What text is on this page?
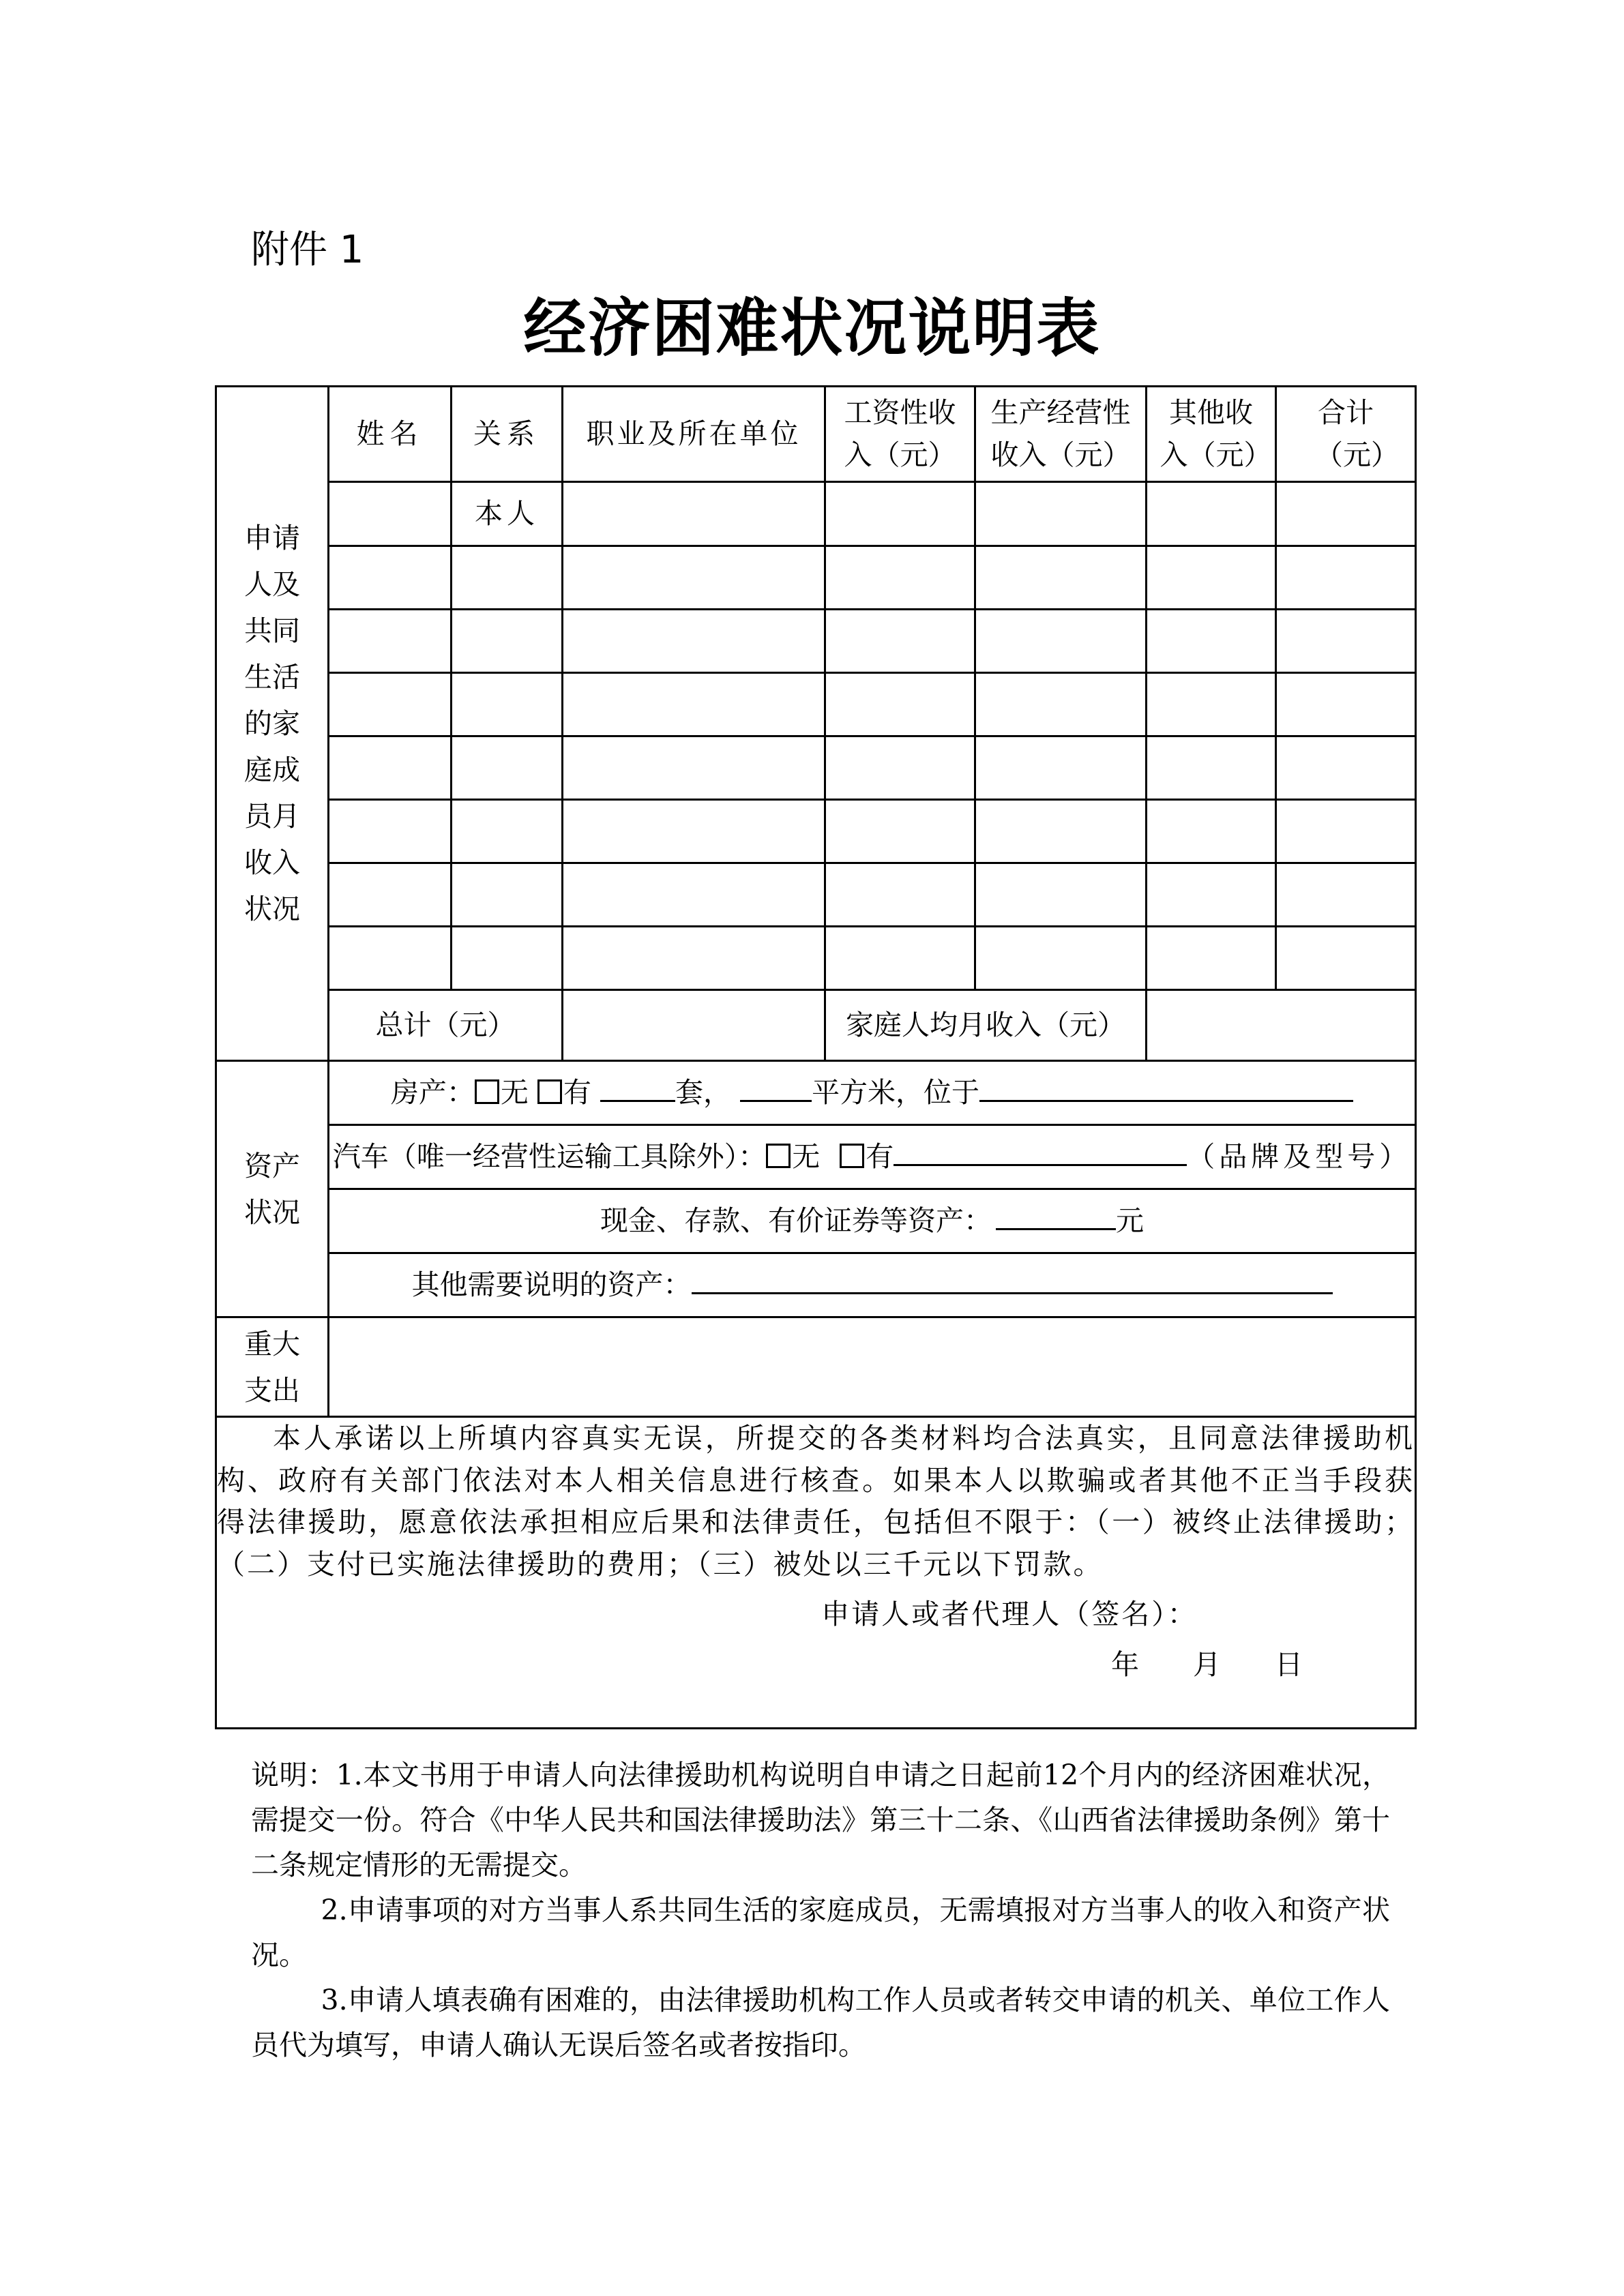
附件 1
经济困难状况说明表
申请人及共同生活的家庭成员月收入状况	姓名	关系	职业及所在单位	工资性收入（元）	生产经营性收入（元）	其他收入（元）	合计（元）

		本人					

	总计（元）			家庭人均月收入（元）			

资产状况	房产： 无 有 套， 平方米，位于						
	汽车（唯一经营性运输工具除外）： 无 有 （品牌及型号）						
	现金、存款、有价证券等资产： 元						
	其他需要说明的资产：						

重大支出							

本人承诺以上所填内容真实无误，所提交的各类材料均合法真实，且同意法律援助机构、政府有关部门依法对本人相关信息进行核查。如果本人以欺骗或者其他不正当手段获得法律援助，愿意依法承担相应后果和法律责任，包括但不限于：（一）被终止法律援助；（二）支付已实施法律援助的费用；（三）被处以三千元以下罚款。

申请人或者代理人（签名）：
年 月 日							

说明：1.本文书用于申请人向法律援助机构说明自申请之日起前12个月内的经济困难状况，需提交一份。符合《中华人民共和国法律援助法》第三十二条、《山西省法律援助条例》第十二条规定情形的无需提交。

2.申请事项的对方当事人系共同生活的家庭成员，无需填报对方当事人的收入和资产状况。

3.申请人填表确有困难的，由法律援助机构工作人员或者转交申请的机关、单位工作人员代为填写，申请人确认无误后签名或者按指印。
